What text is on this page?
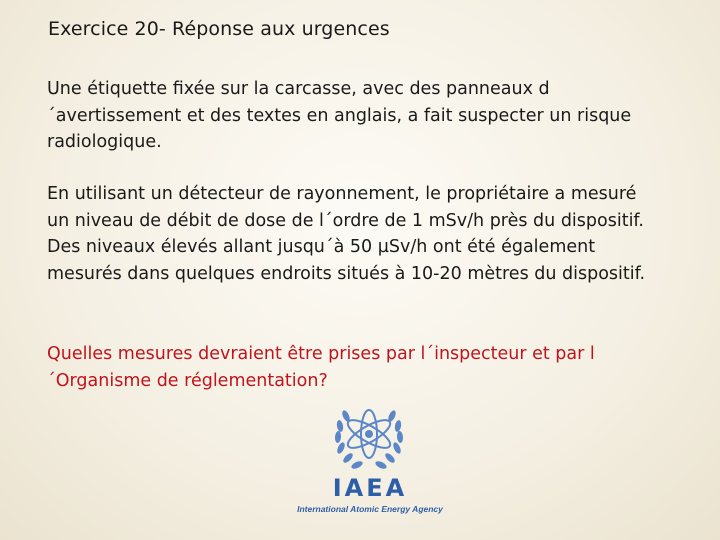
Exercice 20- Réponse aux urgences

Une étiquette fixée sur la carcasse, avec des panneaux d´avertissement et des textes en anglais, a fait suspecter un risque radiologique.

En utilisant un détecteur de rayonnement, le propriétaire a mesuré un niveau de débit de dose de l´ordre de 1 mSv/h près du dispositif. Des niveaux élevés allant jusqu´à 50 µSv/h ont été également mesurés dans quelques endroits situés à 10-20 mètres du dispositif.

Quelles mesures devraient être prises par l´inspecteur et par l´Organisme de réglementation?

IAEA
International Atomic Energy Agency
